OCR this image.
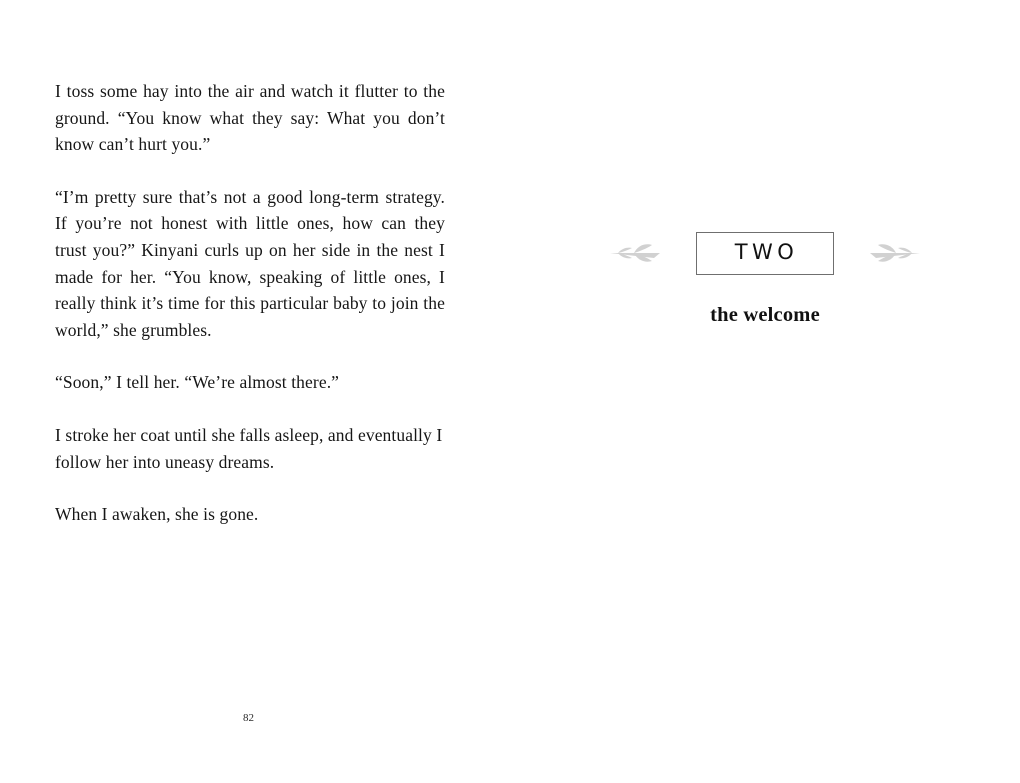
I toss some hay into the air and watch it flutter to the ground. “You know what they say: What you don’t know can’t hurt you.”

“I’m pretty sure that’s not a good long-term strategy. If you’re not honest with little ones, how can they trust you?” Kinyani curls up on her side in the nest I made for her. “You know, speaking of little ones, I really think it’s time for this particular baby to join the world,” she grumbles.

“Soon,” I tell her. “We’re almost there.”

I stroke her coat until she falls asleep, and eventually I follow her into uneasy dreams.

When I awaken, she is gone.

82
TWO
the welcome
